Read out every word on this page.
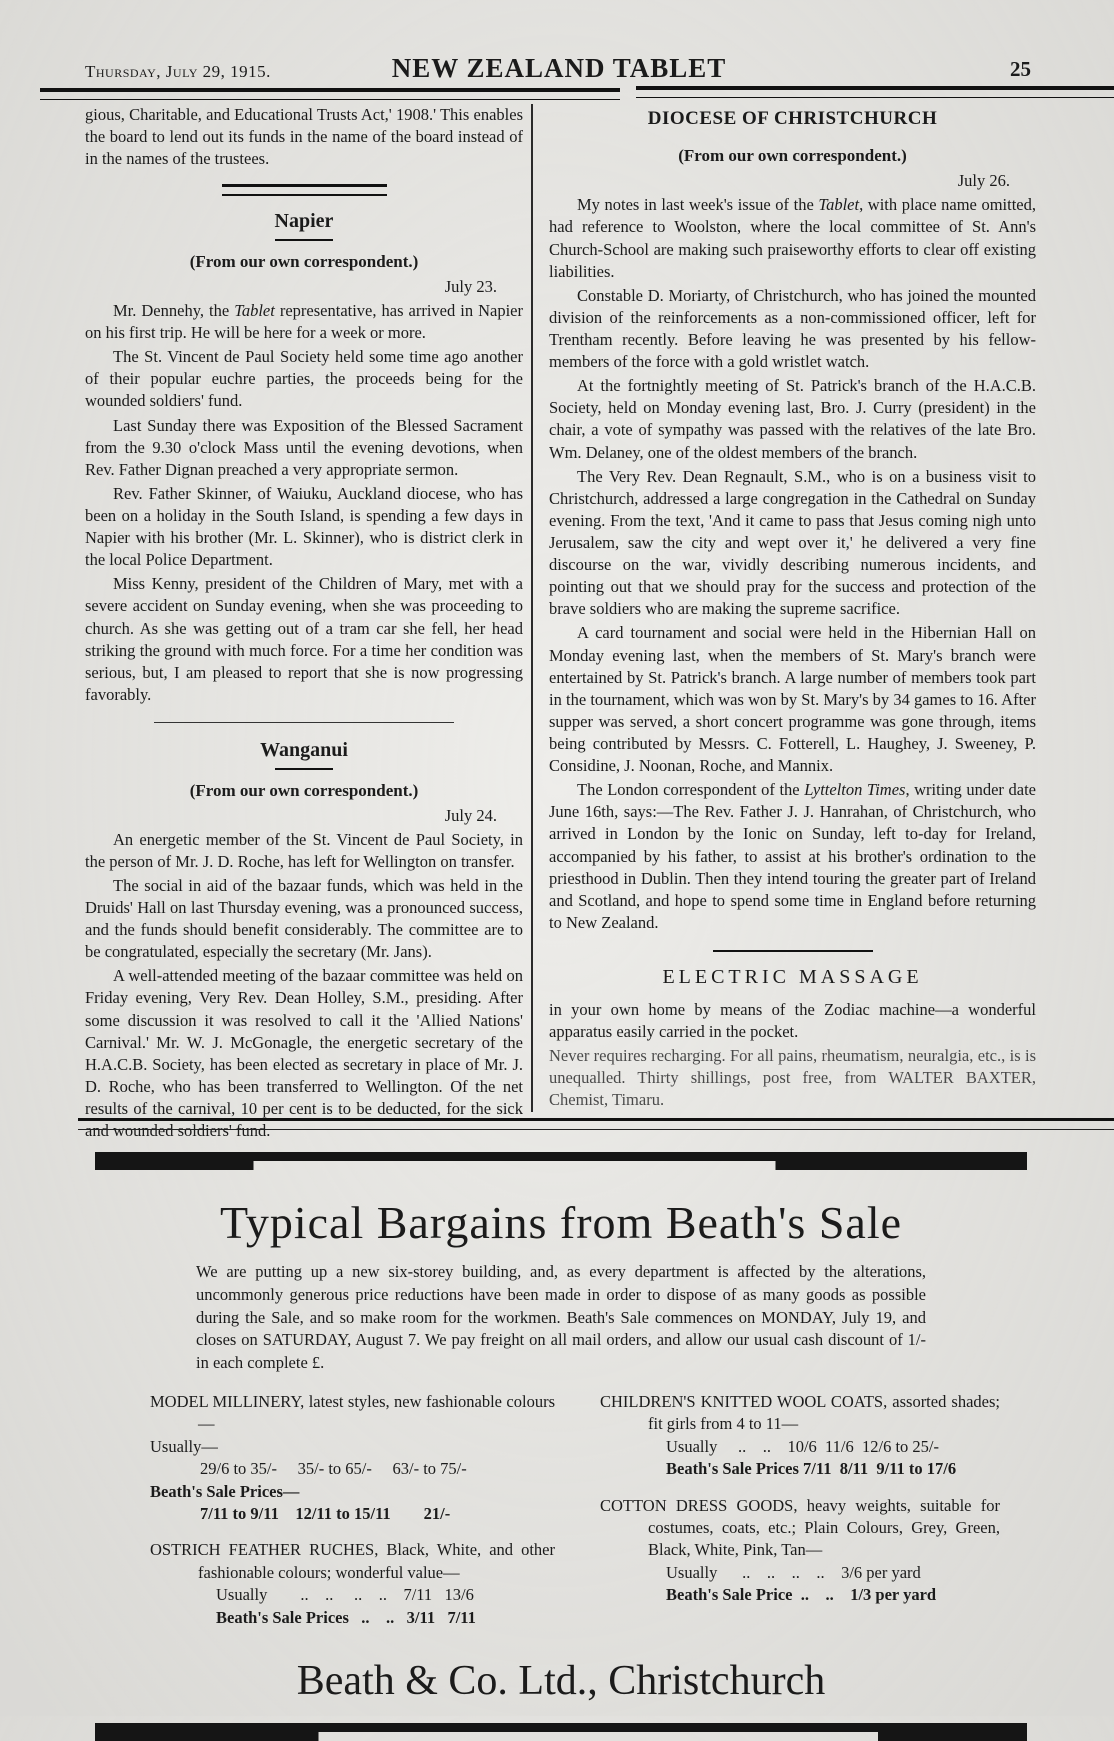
Thursday, July 29, 1915.	NEW ZEALAND TABLET	25

gious, Charitable, and Educational Trusts Act,' 1908.' This enables the board to lend out its funds in the name of the board instead of in the names of the trustees.

Napier

(From our own correspondent.)

July 23.

Mr. Dennehy, the Tablet representative, has arrived in Napier on his first trip. He will be here for a week or more.

The St. Vincent de Paul Society held some time ago another of their popular euchre parties, the proceeds being for the wounded soldiers' fund.

Last Sunday there was Exposition of the Blessed Sacrament from the 9.30 o'clock Mass until the evening devotions, when Rev. Father Dignan preached a very appropriate sermon.

Rev. Father Skinner, of Waiuku, Auckland diocese, who has been on a holiday in the South Island, is spending a few days in Napier with his brother (Mr. L. Skinner), who is district clerk in the local Police Department.

Miss Kenny, president of the Children of Mary, met with a severe accident on Sunday evening, when she was proceeding to church. As she was getting out of a tram car she fell, her head striking the ground with much force. For a time her condition was serious, but, I am pleased to report that she is now progressing favorably.

Wanganui

(From our own correspondent.)

July 24.

An energetic member of the St. Vincent de Paul Society, in the person of Mr. J. D. Roche, has left for Wellington on transfer.

The social in aid of the bazaar funds, which was held in the Druids' Hall on last Thursday evening, was a pronounced success, and the funds should benefit considerably. The committee are to be congratulated, especially the secretary (Mr. Jans).

A well-attended meeting of the bazaar committee was held on Friday evening, Very Rev. Dean Holley, S.M., presiding. After some discussion it was resolved to call it the 'Allied Nations' Carnival.' Mr. W. J. McGonagle, the energetic secretary of the H.A.C.B. Society, has been elected as secretary in place of Mr. J. D. Roche, who has been transferred to Wellington. Of the net results of the carnival, 10 per cent is to be deducted, for the sick and wounded soldiers' fund.

DIOCESE OF CHRISTCHURCH

(From our own correspondent.)

July 26.

My notes in last week's issue of the Tablet, with place name omitted, had reference to Woolston, where the local committee of St. Ann's Church-School are making such praiseworthy efforts to clear off existing liabilities.

Constable D. Moriarty, of Christchurch, who has joined the mounted division of the reinforcements as a non-commissioned officer, left for Trentham recently. Before leaving he was presented by his fellow-members of the force with a gold wristlet watch.

At the fortnightly meeting of St. Patrick's branch of the H.A.C.B. Society, held on Monday evening last, Bro. J. Curry (president) in the chair, a vote of sympathy was passed with the relatives of the late Bro. Wm. Delaney, one of the oldest members of the branch.

The Very Rev. Dean Regnault, S.M., who is on a business visit to Christchurch, addressed a large congregation in the Cathedral on Sunday evening. From the text, 'And it came to pass that Jesus coming nigh unto Jerusalem, saw the city and wept over it,' he delivered a very fine discourse on the war, vividly describing numerous incidents, and pointing out that we should pray for the success and protection of the brave soldiers who are making the supreme sacrifice.

A card tournament and social were held in the Hibernian Hall on Monday evening last, when the members of St. Mary's branch were entertained by St. Patrick's branch. A large number of members took part in the tournament, which was won by St. Mary's by 34 games to 16. After supper was served, a short concert programme was gone through, items being contributed by Messrs. C. Fotterell, L. Haughey, J. Sweeney, P. Considine, J. Noonan, Roche, and Mannix.

The London correspondent of the Lyttelton Times, writing under date June 16th, says:—The Rev. Father J. J. Hanrahan, of Christchurch, who arrived in London by the Ionic on Sunday, left to-day for Ireland, accompanied by his father, to assist at his brother's ordination to the priesthood in Dublin. Then they intend touring the greater part of Ireland and Scotland, and hope to spend some time in England before returning to New Zealand.

ELECTRIC MASSAGE

in your own home by means of the Zodiac machine—a wonderful apparatus easily carried in the pocket.

Never requires recharging. For all pains, rheumatism, neuralgia, etc., is is unequalled. Thirty shillings, post free, from WALTER BAXTER, Chemist, Timaru.

Typical Bargains from Beath's Sale

We are putting up a new six-storey building, and, as every department is affected by the alterations, uncommonly generous price reductions have been made in order to dispose of as many goods as possible during the Sale, and so make room for the workmen. Beath's Sale commences on MONDAY, July 19, and closes on SATURDAY, August 7. We pay freight on all mail orders, and allow our usual cash discount of 1/- in each complete £.

MODEL MILLINERY, latest styles, new fashionable colours—
Usually—
29/6 to 35/-     35/- to 65/-     63/- to 75/-
Beath's Sale Prices—
7/11 to 9/11    12/11 to 15/11        21/-
OSTRICH FEATHER RUCHES, Black, White, and other fashionable colours; wonderful value—
Usually        ..    ..     ..    ..    7/11   13/6
Beath's Sale Prices   ..    ..   3/11   7/11
CHILDREN'S KNITTED WOOL COATS, assorted shades; fit girls from 4 to 11—
Usually     ..    ..    10/6  11/6  12/6 to 25/-
Beath's Sale Prices 7/11  8/11  9/11 to 17/6
COTTON DRESS GOODS, heavy weights, suitable for costumes, coats, etc.; Plain Colours, Grey, Green, Black, White, Pink, Tan—
Usually      ..    ..    ..    ..    3/6 per yard
Beath's Sale Price  ..    ..    1/3 per yard
Beath & Co. Ltd., Christchurch
